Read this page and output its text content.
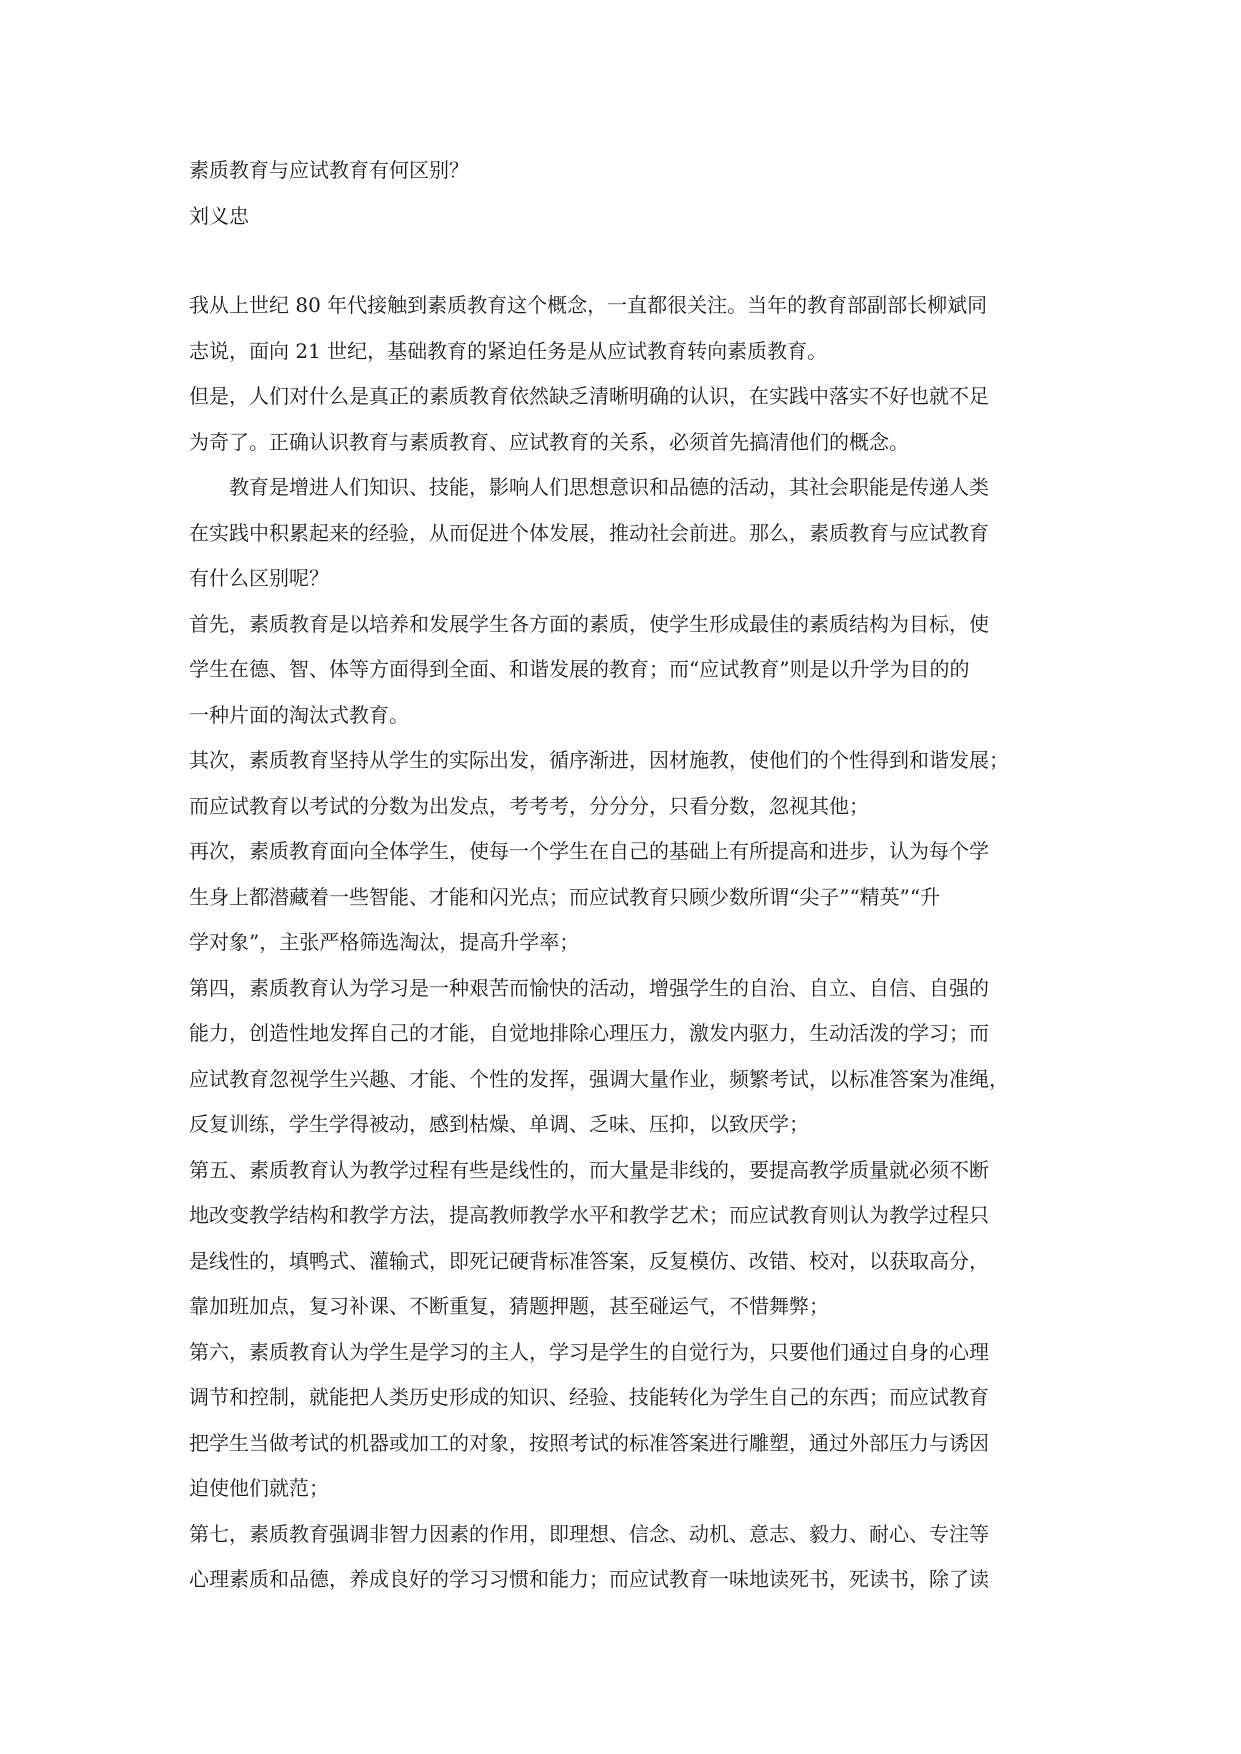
素质教育与应试教育有何区别？

刘义忠

我从上世纪 80 年代接触到素质教育这个概念，一直都很关注。当年的教育部副部长柳斌同

志说，面向 21 世纪，基础教育的紧迫任务是从应试教育转向素质教育。

但是，人们对什么是真正的素质教育依然缺乏清晰明确的认识，在实践中落实不好也就不足

为奇了。正确认识教育与素质教育、应试教育的关系，必须首先搞清他们的概念。

　　教育是增进人们知识、技能，影响人们思想意识和品德的活动，其社会职能是传递人类

在实践中积累起来的经验，从而促进个体发展，推动社会前进。那么，素质教育与应试教育

有什么区别呢？

首先，素质教育是以培养和发展学生各方面的素质，使学生形成最佳的素质结构为目标，使

学生在德、智、体等方面得到全面、和谐发展的教育；而“应试教育”则是以升学为目的的

一种片面的淘汰式教育。

其次，素质教育坚持从学生的实际出发，循序渐进，因材施教，使他们的个性得到和谐发展；

而应试教育以考试的分数为出发点，考考考，分分分，只看分数，忽视其他；

再次，素质教育面向全体学生，使每一个学生在自己的基础上有所提高和进步，认为每个学

生身上都潜藏着一些智能、才能和闪光点；而应试教育只顾少数所谓“尖子”“精英”“升

学对象”，主张严格筛选淘汰，提高升学率；

第四，素质教育认为学习是一种艰苦而愉快的活动，增强学生的自治、自立、自信、自强的

能力，创造性地发挥自己的才能，自觉地排除心理压力，激发内驱力，生动活泼的学习；而

应试教育忽视学生兴趣、才能、个性的发挥，强调大量作业，频繁考试，以标准答案为准绳，

反复训练，学生学得被动，感到枯燥、单调、乏味、压抑，以致厌学；

第五、素质教育认为教学过程有些是线性的，而大量是非线的，要提高教学质量就必须不断

地改变教学结构和教学方法，提高教师教学水平和教学艺术；而应试教育则认为教学过程只

是线性的，填鸭式、灌输式，即死记硬背标准答案，反复模仿、改错、校对，以获取高分，

靠加班加点，复习补课、不断重复，猜题押题，甚至碰运气，不惜舞弊；

第六，素质教育认为学生是学习的主人，学习是学生的自觉行为，只要他们通过自身的心理

调节和控制，就能把人类历史形成的知识、经验、技能转化为学生自己的东西；而应试教育

把学生当做考试的机器或加工的对象，按照考试的标准答案进行雕塑，通过外部压力与诱因

迫使他们就范；

第七，素质教育强调非智力因素的作用，即理想、信念、动机、意志、毅力、耐心、专注等

心理素质和品德，养成良好的学习习惯和能力；而应试教育一味地读死书，死读书，除了读
